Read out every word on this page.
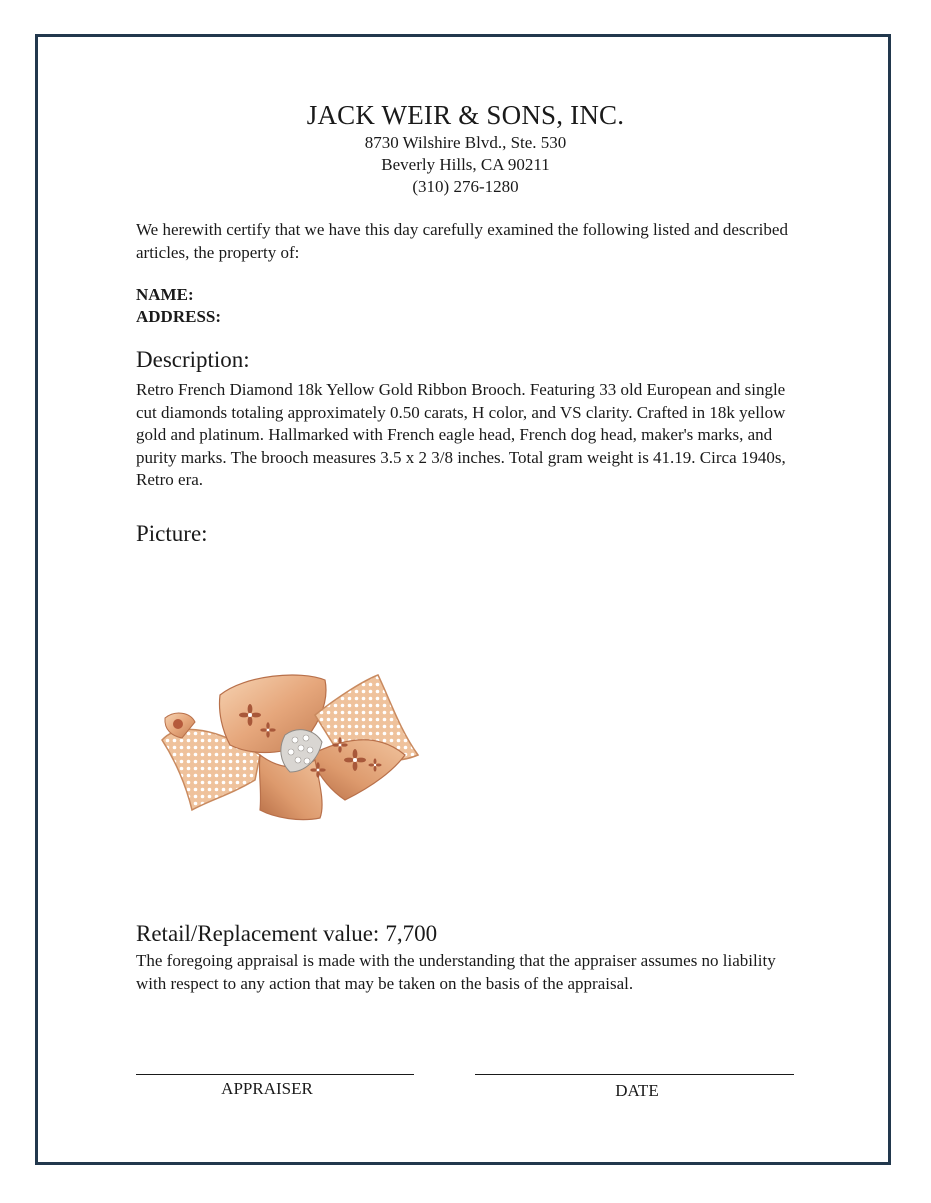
JACK WEIR & SONS, INC.
8730 Wilshire Blvd., Ste. 530
Beverly Hills, CA 90211
(310) 276-1280
We herewith certify that we have this day carefully examined the following listed and described articles, the property of:
NAME:
ADDRESS:
Description:
Retro French Diamond 18k Yellow Gold Ribbon Brooch. Featuring 33 old European and single cut diamonds totaling approximately 0.50 carats, H color, and VS clarity. Crafted in 18k yellow gold and platinum. Hallmarked with French eagle head, French dog head, maker's marks, and purity marks. The brooch measures 3.5 x 2 3/8 inches. Total gram weight is 41.19. Circa 1940s, Retro era.
Picture:
Retail/Replacement value: 7,700
The foregoing appraisal is made with the understanding that the appraiser assumes no liability with respect to any action that may be taken on the basis of the appraisal.
APPRAISER	DATE
